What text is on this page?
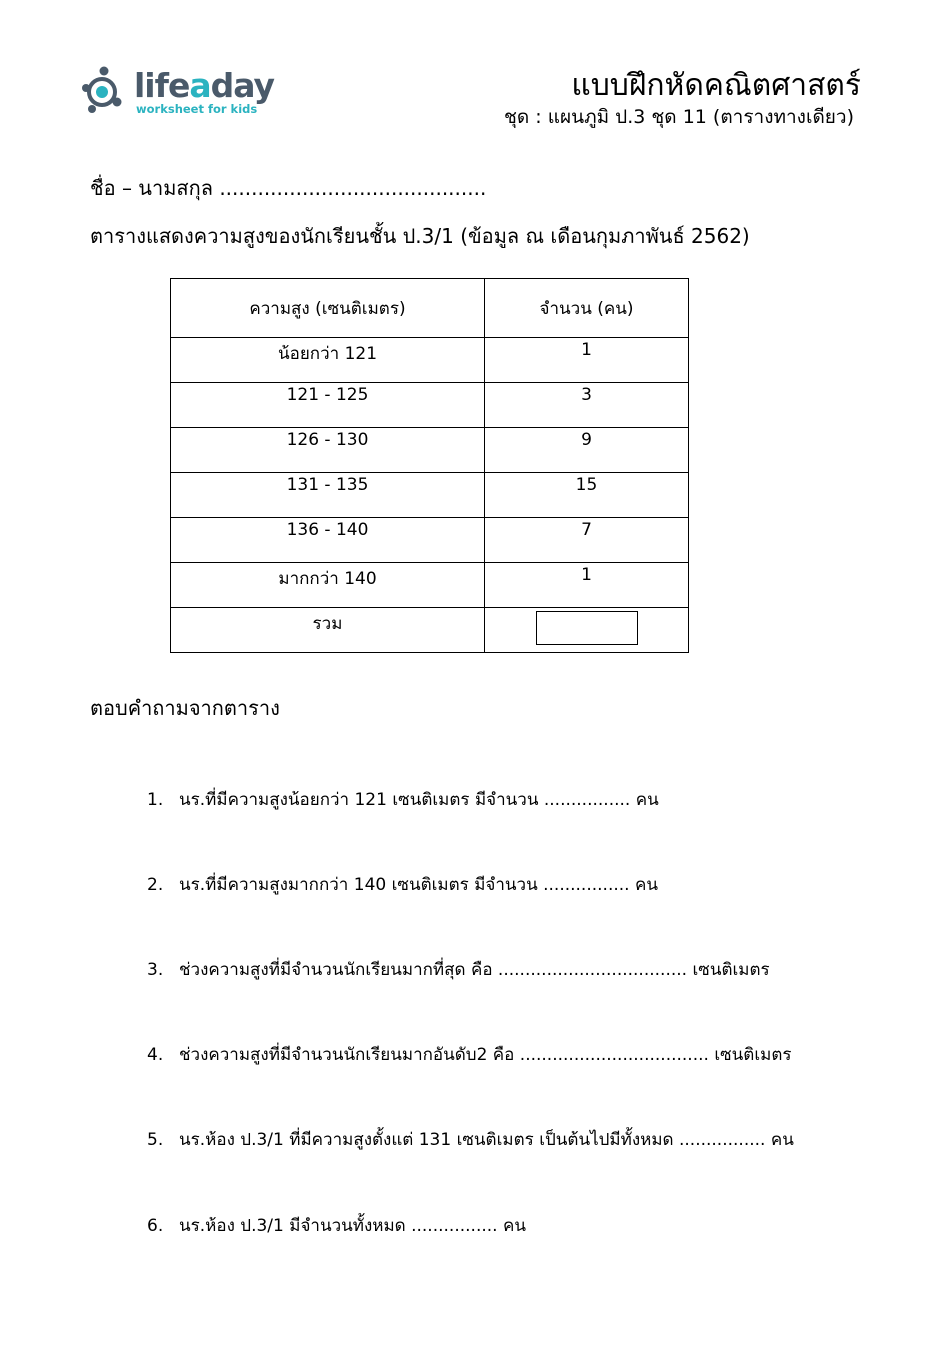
lifeaday
worksheet for kids
แบบฝึกหัดคณิตศาสตร์
ชุด : แผนภูมิ ป.3 ชุด 11 (ตารางทางเดียว)
ชื่อ – นามสกุล ..........................................
ตารางแสดงความสูงของนักเรียนชั้น ป.3/1 (ข้อมูล ณ เดือนกุมภาพันธ์ 2562)
ความสูง (เซนติเมตร)	จำนวน (คน)
น้อยกว่า 121	1
121 - 125	3
126 - 130	9
131 - 135	15
136 - 140	7
มากกว่า 140	1
รวม	
ตอบคำถามจากตาราง
1. นร.ที่มีความสูงน้อยกว่า 121 เซนติเมตร มีจำนวน ................ คน
2. นร.ที่มีความสูงมากกว่า 140 เซนติเมตร มีจำนวน ................ คน
3. ช่วงความสูงที่มีจำนวนนักเรียนมากที่สุด คือ ................................... เซนติเมตร
4. ช่วงความสูงที่มีจำนวนนักเรียนมากอันดับ2 คือ ................................... เซนติเมตร
5. นร.ห้อง ป.3/1 ที่มีความสูงตั้งแต่ 131 เซนติเมตร เป็นต้นไปมีทั้งหมด ................ คน
6. นร.ห้อง ป.3/1 มีจำนวนทั้งหมด ................ คน
